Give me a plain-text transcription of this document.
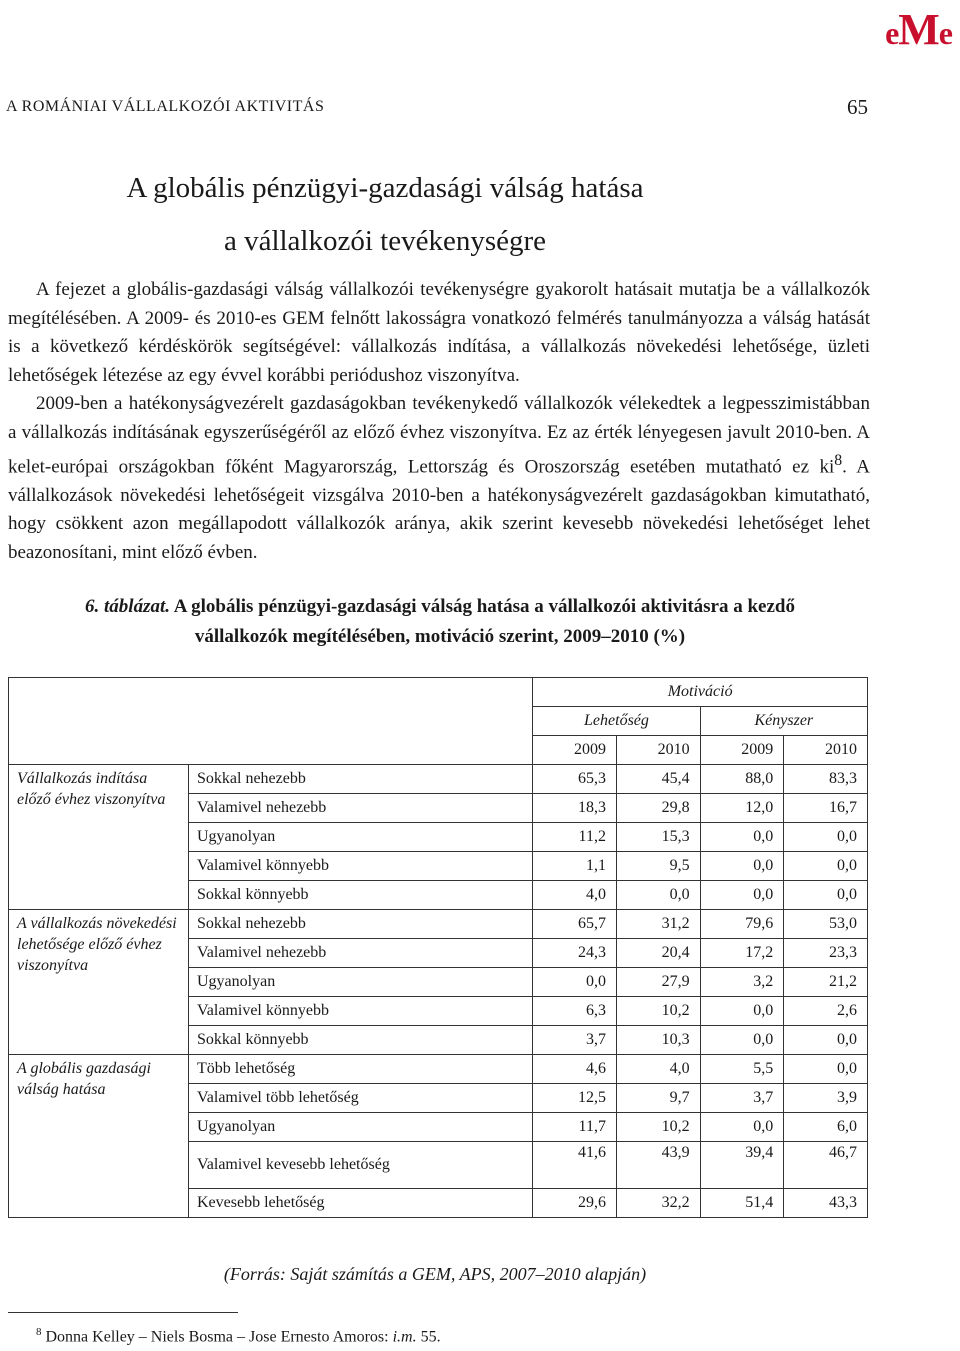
eMe
A ROMÁNIAI VÁLLALKOZÓI AKTIVITÁS	65
A globális pénzügyi-gazdasági válság hatása
a vállalkozói tevékenységre

A fejezet a globális-gazdasági válság vállalkozói tevékenységre gyakorolt hatásait mutatja be a vállalkozók megítélésében. A 2009- és 2010-es GEM felnőtt lakosságra vonatkozó felmérés tanulmányozza a válság hatását is a következő kérdéskörök segítségével: vállalkozás indítása, a vállalkozás növekedési lehetősége, üzleti lehetőségek létezése az egy évvel korábbi periódushoz viszonyítva.

2009-ben a hatékonyságvezérelt gazdaságokban tevékenykedő vállalkozók vélekedtek a legpesszimistábban a vállalkozás indításának egyszerűségéről az előző évhez viszonyítva. Ez az érték lényegesen javult 2010-ben. A kelet-európai országokban főként Magyarország, Lettország és Oroszország esetében mutatható ez $ki^8$. A vállalkozások növekedési lehetőségeit vizsgálva 2010-ben a hatékonyságvezérelt gazdaságokban kimutatható, hogy csökkent azon megállapodott vállalkozók aránya, akik szerint kevesebb növekedési lehetőséget lehet beazonosítani, mint előző évben.

6. táblázat. A globális pénzügyi-gazdasági válság hatása a vállalkozói aktivitásra a kezdő
vállalkozók megítélésében, motiváció szerint, 2009–2010 (%)
		Motiváció			
		Lehetőség		Kényszer	
		2009	2010	2009	2010
Vállalkozás indítása előző évhez viszonyítva	Sokkal nehezebb	65,3	45,4	88,0	83,3
	Valamivel nehezebb	18,3	29,8	12,0	16,7
	Ugyanolyan	11,2	15,3	0,0	0,0
	Valamivel könnyebb	1,1	9,5	0,0	0,0
	Sokkal könnyebb	4,0	0,0	0,0	0,0
A vállalkozás növekedési lehetősége előző évhez viszonyítva	Sokkal nehezebb	65,7	31,2	79,6	53,0
	Valamivel nehezebb	24,3	20,4	17,2	23,3
	Ugyanolyan	0,0	27,9	3,2	21,2
	Valamivel könnyebb	6,3	10,2	0,0	2,6
	Sokkal könnyebb	3,7	10,3	0,0	0,0
A globális gazdasági válság hatása	Több lehetőség	4,6	4,0	5,5	0,0
	Valamivel több lehetőség	12,5	9,7	3,7	3,9
	Ugyanolyan	11,7	10,2	0,0	6,0
	Valamivel kevesebb lehetőség	41,6	43,9	39,4	46,7
	Kevesebb lehetőség	29,6	32,2	51,4	43,3
(Forrás: Saját számítás a GEM, APS, 2007–2010 alapján)
$^8$ Donna Kelley – Niels Bosma – Jose Ernesto Amoros: i.m. 55.
